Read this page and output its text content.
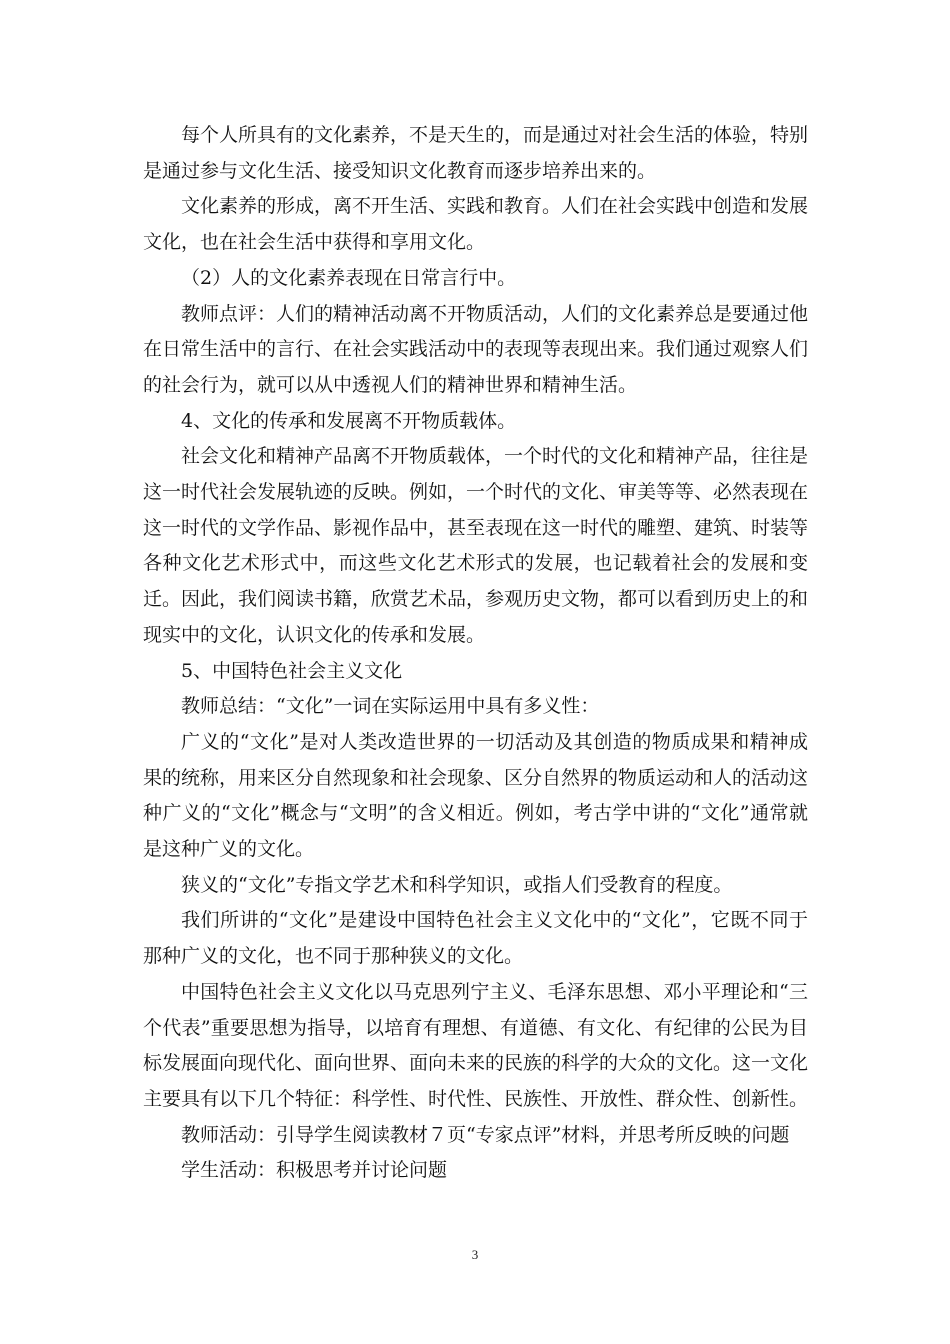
每个人所具有的文化素养，不是天生的，而是通过对社会生活的体验，特别是通过参与文化生活、接受知识文化教育而逐步培养出来的。

文化素养的形成，离不开生活、实践和教育。人们在社会实践中创造和发展文化，也在社会生活中获得和享用文化。

（2）人的文化素养表现在日常言行中。

教师点评：人们的精神活动离不开物质活动，人们的文化素养总是要通过他在日常生活中的言行、在社会实践活动中的表现等表现出来。我们通过观察人们的社会行为，就可以从中透视人们的精神世界和精神生活。

4、文化的传承和发展离不开物质载体。

社会文化和精神产品离不开物质载体，一个时代的文化和精神产品，往往是这一时代社会发展轨迹的反映。例如，一个时代的文化、审美等等、必然表现在这一时代的文学作品、影视作品中，甚至表现在这一时代的雕塑、建筑、时装等各种文化艺术形式中，而这些文化艺术形式的发展，也记载着社会的发展和变迁。因此，我们阅读书籍，欣赏艺术品，参观历史文物，都可以看到历史上的和现实中的文化，认识文化的传承和发展。

5、中国特色社会主义文化

教师总结：“文化”一词在实际运用中具有多义性：

广义的“文化”是对人类改造世界的一切活动及其创造的物质成果和精神成果的统称，用来区分自然现象和社会现象、区分自然界的物质运动和人的活动这种广义的“文化”概念与“文明”的含义相近。例如，考古学中讲的“文化”通常就是这种广义的文化。

狭义的“文化”专指文学艺术和科学知识，或指人们受教育的程度。

我们所讲的“文化”是建设中国特色社会主义文化中的“文化”，它既不同于那种广义的文化，也不同于那种狭义的文化。

中国特色社会主义文化以马克思列宁主义、毛泽东思想、邓小平理论和“三个代表”重要思想为指导，以培育有理想、有道德、有文化、有纪律的公民为目标发展面向现代化、面向世界、面向未来的民族的科学的大众的文化。这一文化主要具有以下几个特征：科学性、时代性、民族性、开放性、群众性、创新性。

教师活动：引导学生阅读教材７页“专家点评”材料，并思考所反映的问题

学生活动：积极思考并讨论问题

3
